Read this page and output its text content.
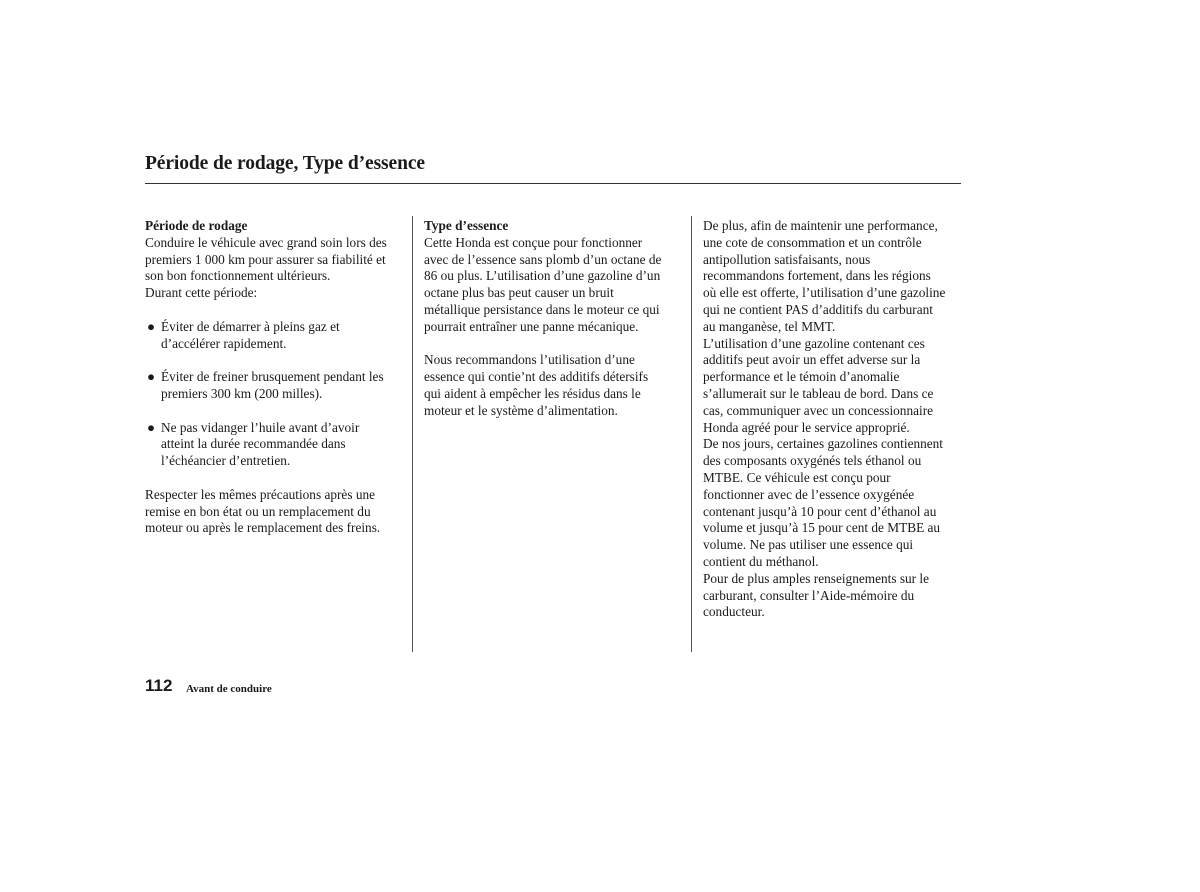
Période de rodage, Type d’essence

Période de rodage

Conduire le véhicule avec grand soin lors des

premiers 1 000 km pour assurer sa fiabilité et

son bon fonctionnement ultérieurs.

Durant cette période:

● Éviter de démarrer à pleins gaz et

d’accélérer rapidement.

● Éviter de freiner brusquement pendant les

premiers 300 km (200 milles).

● Ne pas vidanger l’huile avant d’avoir

atteint la durée recommandée dans

l’échéancier d’entretien.

Respecter les mêmes précautions après une

remise en bon état ou un remplacement du

moteur ou après le remplacement des freins.

Type d’essence

Cette Honda est conçue pour fonctionner

avec de l’essence sans plomb d’un octane de

86 ou plus. L’utilisation d’une gazoline d’un

octane plus bas peut causer un bruit

métallique persistance dans le moteur ce qui

pourrait entraîner une panne mécanique.

Nous recommandons l’utilisation d’une

essence qui contie’nt des additifs détersifs

qui aident à empêcher les résidus dans le

moteur et le système d’alimentation.

De plus, afin de maintenir une performance,

une cote de consommation et un contrôle

antipollution satisfaisants, nous

recommandons fortement, dans les régions

où elle est offerte, l’utilisation d’une gazoline

qui ne contient PAS d’additifs du carburant

au manganèse, tel MMT.

L’utilisation d’une gazoline contenant ces

additifs peut avoir un effet adverse sur la

performance et le témoin d’anomalie

s’allumerait sur le tableau de bord. Dans ce

cas, communiquer avec un concessionnaire

Honda agréé pour le service approprié.

De nos jours, certaines gazolines contiennent

des composants oxygénés tels éthanol ou

MTBE. Ce véhicule est conçu pour

fonctionner avec de l’essence oxygénée

contenant jusqu’à 10 pour cent d’éthanol au

volume et jusqu’à 15 pour cent de MTBE au

volume. Ne pas utiliser une essence qui

contient du méthanol.

Pour de plus amples renseignements sur le

carburant, consulter l’Aide-mémoire du

conducteur.

112 Avant de conduire
